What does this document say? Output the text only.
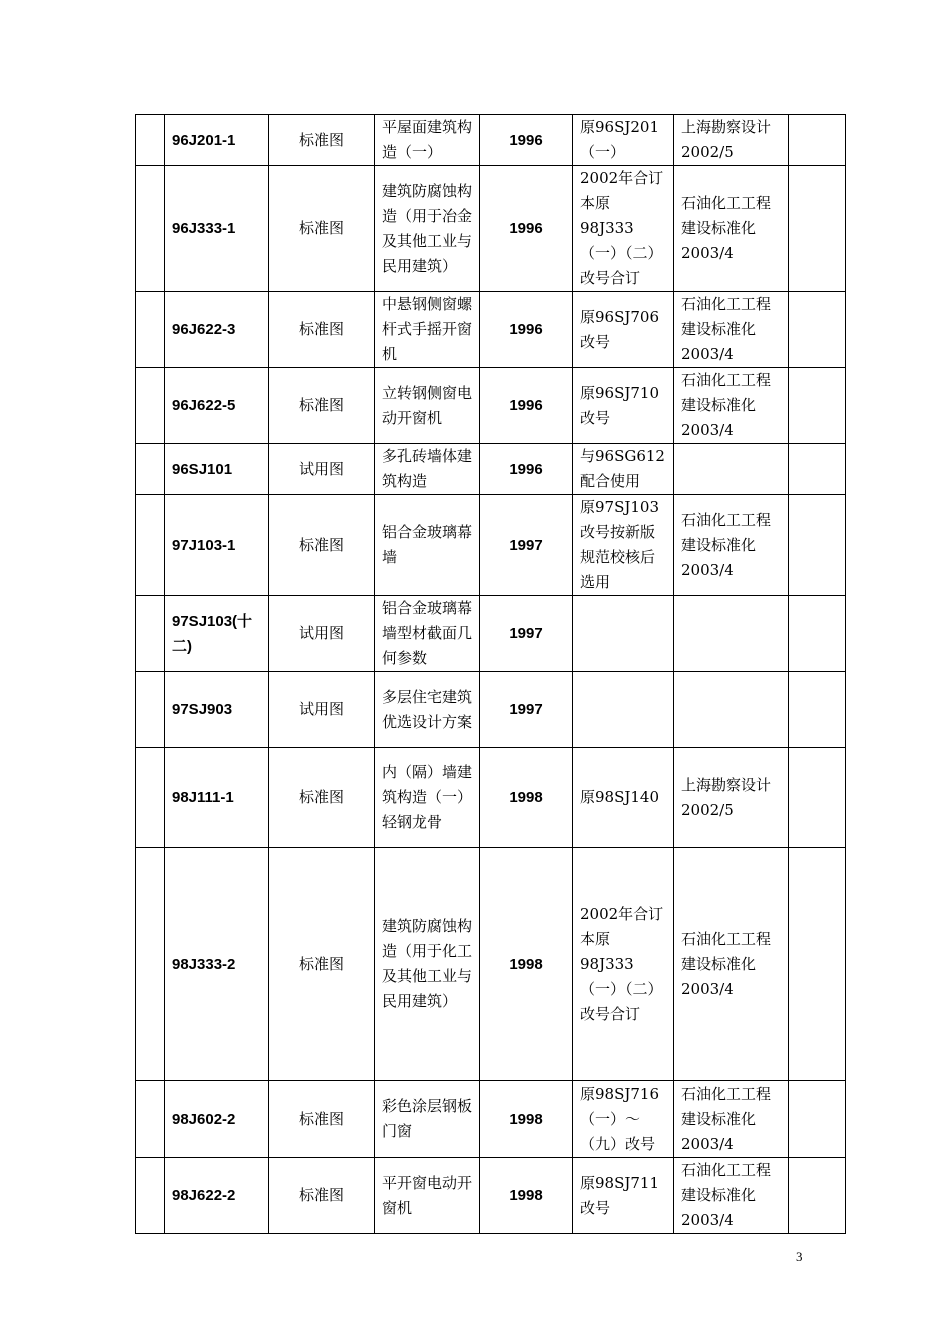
	96J201-1	标准图	平屋面建筑构造（一）	1996	原96SJ201（一）	上海勘察设计
2002/5	
	96J333-1	标准图	建筑防腐蚀构造（用于冶金及其他工业与民用建筑）	1996	2002年合订本原
98J333
（一）（二）改号合订	石油化工工程建设标准化
2003/4	
	96J622-3	标准图	中悬钢侧窗螺杆式手摇开窗机	1996	原96SJ706改号	石油化工工程建设标准化
2003/4	
	96J622-5	标准图	立转钢侧窗电动开窗机	1996	原96SJ710改号	石油化工工程建设标准化
2003/4	
	96SJ101	试用图	多孔砖墙体建筑构造	1996	与96SG612配合使用		
	97J103-1	标准图	铝合金玻璃幕墙	1997	原97SJ103改号按新版规范校核后选用	石油化工工程建设标准化
2003/4	
	97SJ103(十二)	试用图	铝合金玻璃幕墙型材截面几何参数	1997			
	97SJ903	试用图	多层住宅建筑优选设计方案	1997			
	98J111-1	标准图	内（隔）墙建筑构造（一）轻钢龙骨	1998	原98SJ140	上海勘察设计
2002/5	
	98J333-2	标准图	建筑防腐蚀构造（用于化工及其他工业与民用建筑）	1998	2002年合订本原
98J333
（一）（二）改号合订	石油化工工程建设标准化
2003/4	
	98J602-2	标准图	彩色涂层钢板门窗	1998	原98SJ716（一）～（九）改号	石油化工工程建设标准化
2003/4	
	98J622-2	标准图	平开窗电动开窗机	1998	原98SJ711改号	石油化工工程建设标准化
2003/4	
3
